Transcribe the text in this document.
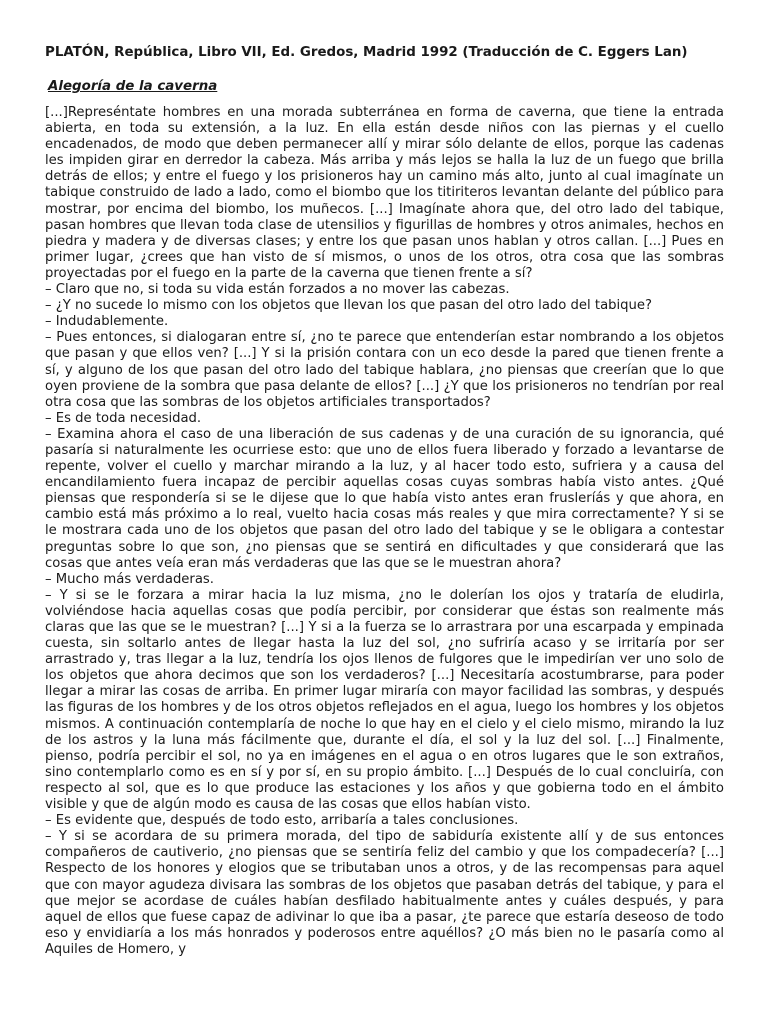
PLATÓN, República, Libro VII, Ed. Gredos, Madrid 1992 (Traducción de C. Eggers Lan)
Alegoría de la caverna

[...]Represéntate hombres en una morada subterránea en forma de caverna, que tiene la entrada abierta, en toda su extensión, a la luz. En ella están desde niños con las piernas y el cuello encadenados, de modo que deben permanecer allí y mirar sólo delante de ellos, porque las cadenas les impiden girar en derredor la cabeza. Más arriba y más lejos se halla la luz de un fuego que brilla detrás de ellos; y entre el fuego y los prisioneros hay un camino más alto, junto al cual imagínate un tabique construido de lado a lado, como el biombo que los titiriteros levantan delante del público para mostrar, por encima del biombo, los muñecos. [...] Imagínate ahora que, del otro lado del tabique, pasan hombres que llevan toda clase de utensilios y figurillas de hombres y otros animales, hechos en piedra y madera y de diversas clases; y entre los que pasan unos hablan y otros callan. [...] Pues en primer lugar, ¿crees que han visto de sí mismos, o unos de los otros, otra cosa que las sombras proyectadas por el fuego en la parte de la caverna que tienen frente a sí?

– Claro que no, si toda su vida están forzados a no mover las cabezas.

– ¿Y no sucede lo mismo con los objetos que llevan los que pasan del otro lado del tabique?

– Indudablemente.

– Pues entonces, si dialogaran entre sí, ¿no te parece que entenderían estar nombrando a los objetos que pasan y que ellos ven? [...] Y si la prisión contara con un eco desde la pared que tienen frente a sí, y alguno de los que pasan del otro lado del tabique hablara, ¿no piensas que creerían que lo que oyen proviene de la sombra que pasa delante de ellos? [...] ¿Y que los prisioneros no tendrían por real otra cosa que las sombras de los objetos artificiales transportados?

– Es de toda necesidad.

– Examina ahora el caso de una liberación de sus cadenas y de una curación de su ignorancia, qué pasaría si naturalmente les ocurriese esto: que uno de ellos fuera liberado y forzado a levantarse de repente, volver el cuello y marchar mirando a la luz, y al hacer todo esto, sufriera y a causa del encandilamiento fuera incapaz de percibir aquellas cosas cuyas sombras había visto antes. ¿Qué piensas que respondería si se le dijese que lo que había visto antes eran frusleríás y que ahora, en cambio está más próximo a lo real, vuelto hacia cosas más reales y que mira correctamente? Y si se le mostrara cada uno de los objetos que pasan del otro lado del tabique y se le obligara a contestar preguntas sobre lo que son, ¿no piensas que se sentirá en dificultades y que considerará que las cosas que antes veía eran más verdaderas que las que se le muestran ahora?

– Mucho más verdaderas.

– Y si se le forzara a mirar hacia la luz misma, ¿no le dolerían los ojos y trataría de eludirla, volviéndose hacia aquellas cosas que podía percibir, por considerar que éstas son realmente más claras que las que se le muestran? [...] Y si a la fuerza se lo arrastrara por una escarpada y empinada cuesta, sin soltarlo antes de llegar hasta la luz del sol, ¿no sufriría acaso y se irritaría por ser arrastrado y, tras llegar a la luz, tendría los ojos llenos de fulgores que le impedirían ver uno solo de los objetos que ahora decimos que son los verdaderos? [...] Necesitaría acostumbrarse, para poder llegar a mirar las cosas de arriba. En primer lugar miraría con mayor facilidad las sombras, y después las figuras de los hombres y de los otros objetos reflejados en el agua, luego los hombres y los objetos mismos. A continuación contemplaría de noche lo que hay en el cielo y el cielo mismo, mirando la luz de los astros y la luna más fácilmente que, durante el día, el sol y la luz del sol. [...] Finalmente, pienso, podría percibir el sol, no ya en imágenes en el agua o en otros lugares que le son extraños, sino contemplarlo como es en sí y por sí, en su propio ámbito. [...] Después de lo cual concluiría, con respecto al sol, que es lo que produce las estaciones y los años y que gobierna todo en el ámbito visible y que de algún modo es causa de las cosas que ellos habían visto.

– Es evidente que, después de todo esto, arribaría a tales conclusiones.

– Y si se acordara de su primera morada, del tipo de sabiduría existente allí y de sus entonces compañeros de cautiverio, ¿no piensas que se sentiría feliz del cambio y que los compadecería? [...] Respecto de los honores y elogios que se tributaban unos a otros, y de las recompensas para aquel que con mayor agudeza divisara las sombras de los objetos que pasaban detrás del tabique, y para el que mejor se acordase de cuáles habían desfilado habitualmente antes y cuáles después, y para aquel de ellos que fuese capaz de adivinar lo que iba a pasar, ¿te parece que estaría deseoso de todo eso y envidiaría a los más honrados y poderosos entre aquéllos? ¿O más bien no le pasaría como al Aquiles de Homero, y
